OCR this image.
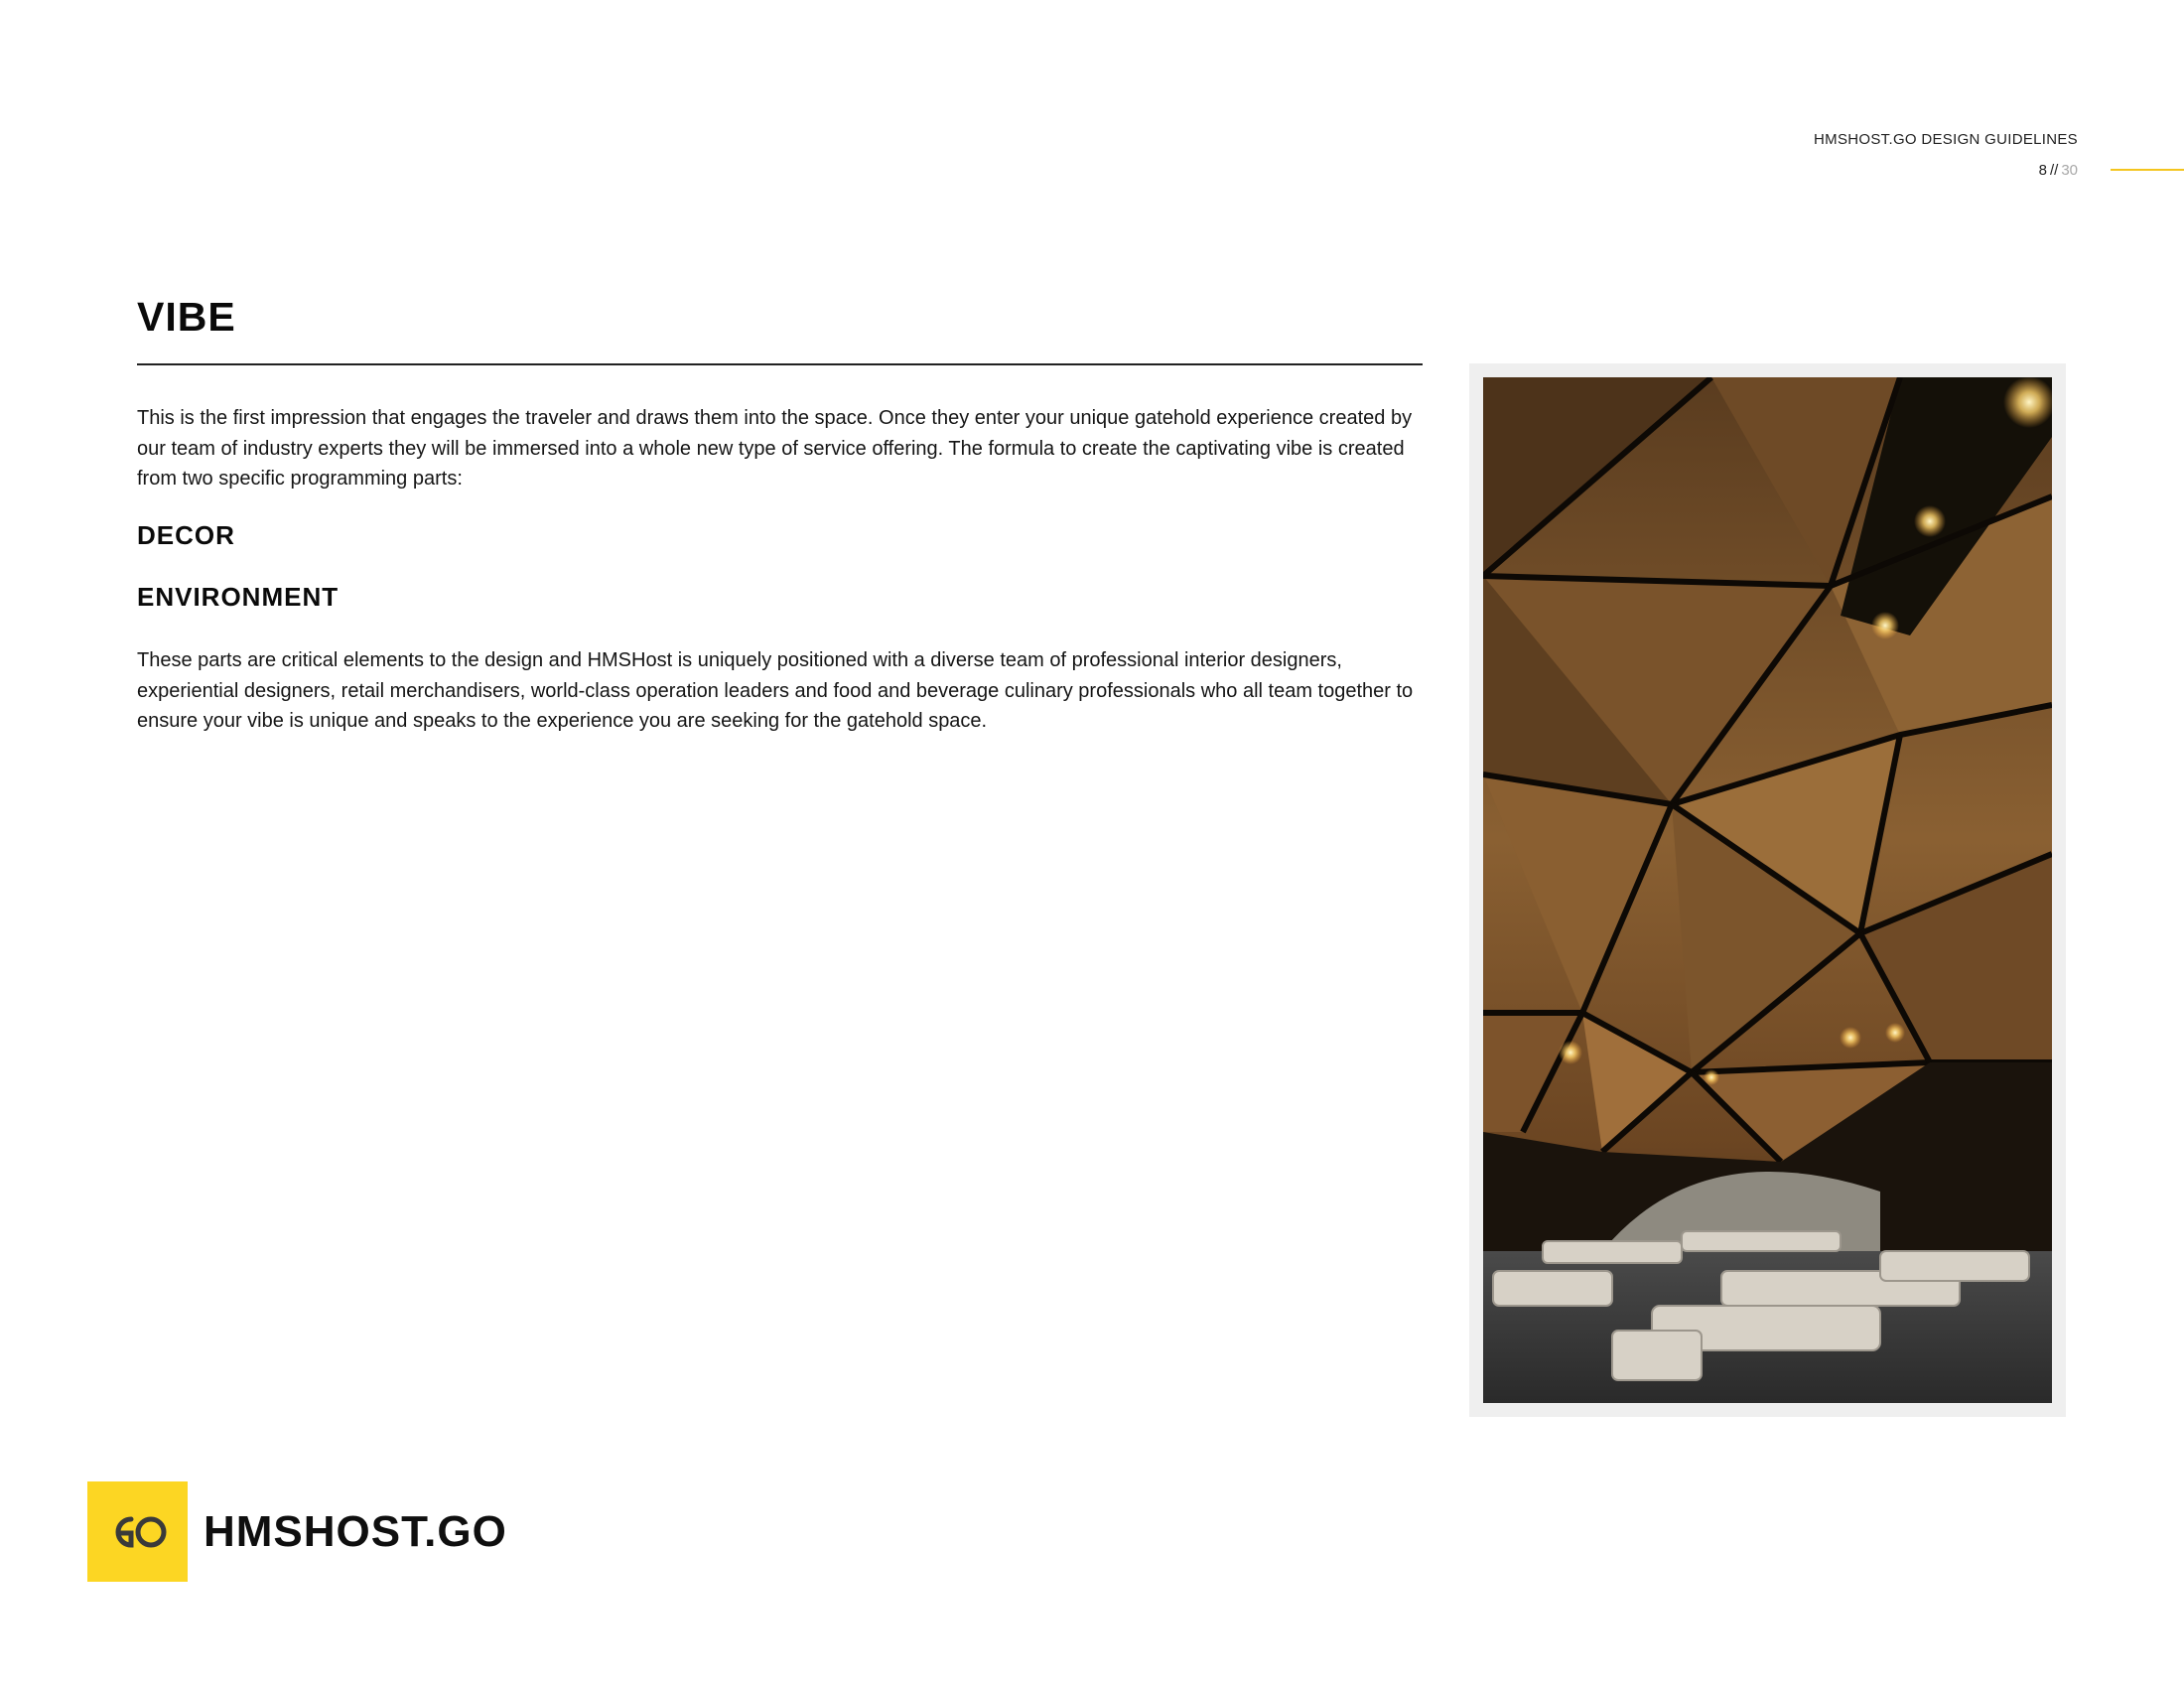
HMSHOST.GO DESIGN GUIDELINES
8 // 30
VIBE

This is the first impression that engages the traveler and draws them into the space. Once they enter your unique gatehold experience created by our team of industry experts they will be immersed into a whole new type of service offering. The formula to create the captivating vibe is created from two specific programming parts:

DECOR
ENVIRONMENT

These parts are critical elements to the design and HMSHost is uniquely positioned with a diverse team of professional interior designers, experiential designers, retail merchandisers, world-class operation leaders and food and beverage culinary professionals who all team together to ensure your vibe is unique and speaks to the experience you are seeking for the gatehold space.

HMSHOST.GO
